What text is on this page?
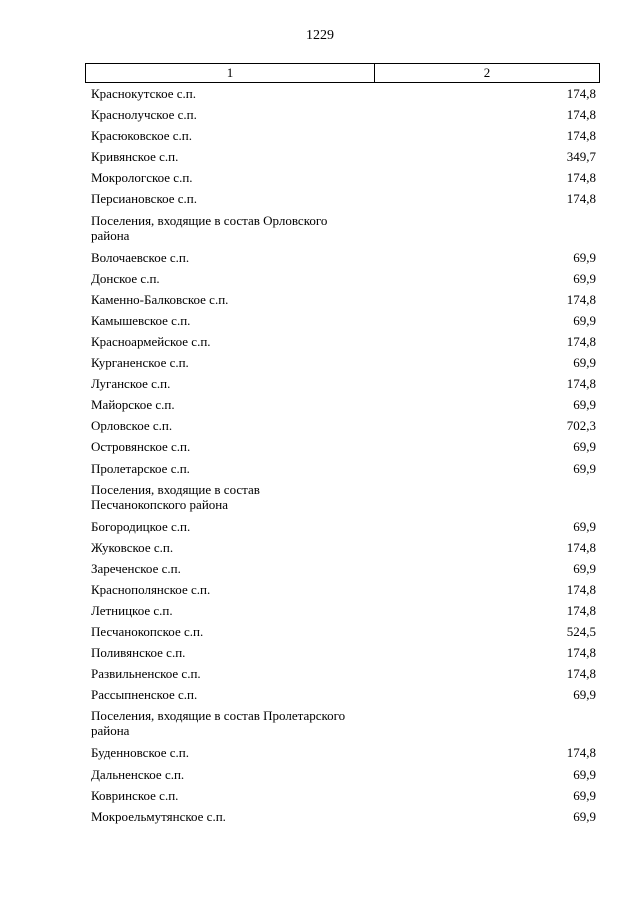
1229
1	2
Краснокутское с.п.	174,8
Краснолучское с.п.	174,8
Красюковское с.п.	174,8
Кривянское с.п.	349,7
Мокрологское с.п.	174,8
Персиановское с.п.	174,8
Поселения, входящие в состав Орловского района
Волочаевское с.п.	69,9
Донское с.п.	69,9
Каменно-Балковское с.п.	174,8
Камышевское с.п.	69,9
Красноармейское с.п.	174,8
Курганенское с.п.	69,9
Луганское с.п.	174,8
Майорское с.п.	69,9
Орловское с.п.	702,3
Островянское с.п.	69,9
Пролетарское с.п.	69,9
Поселения, входящие в состав Песчанокопского района
Богородицкое с.п.	69,9
Жуковское с.п.	174,8
Зареченское с.п.	69,9
Краснополянское с.п.	174,8
Летницкое с.п.	174,8
Песчанокопское с.п.	524,5
Поливянское с.п.	174,8
Развильненское с.п.	174,8
Рассыпненское с.п.	69,9
Поселения, входящие в состав Пролетарского района
Буденновское с.п.	174,8
Дальненское с.п.	69,9
Ковринское с.п.	69,9
Мокроельмутянское с.п.	69,9
